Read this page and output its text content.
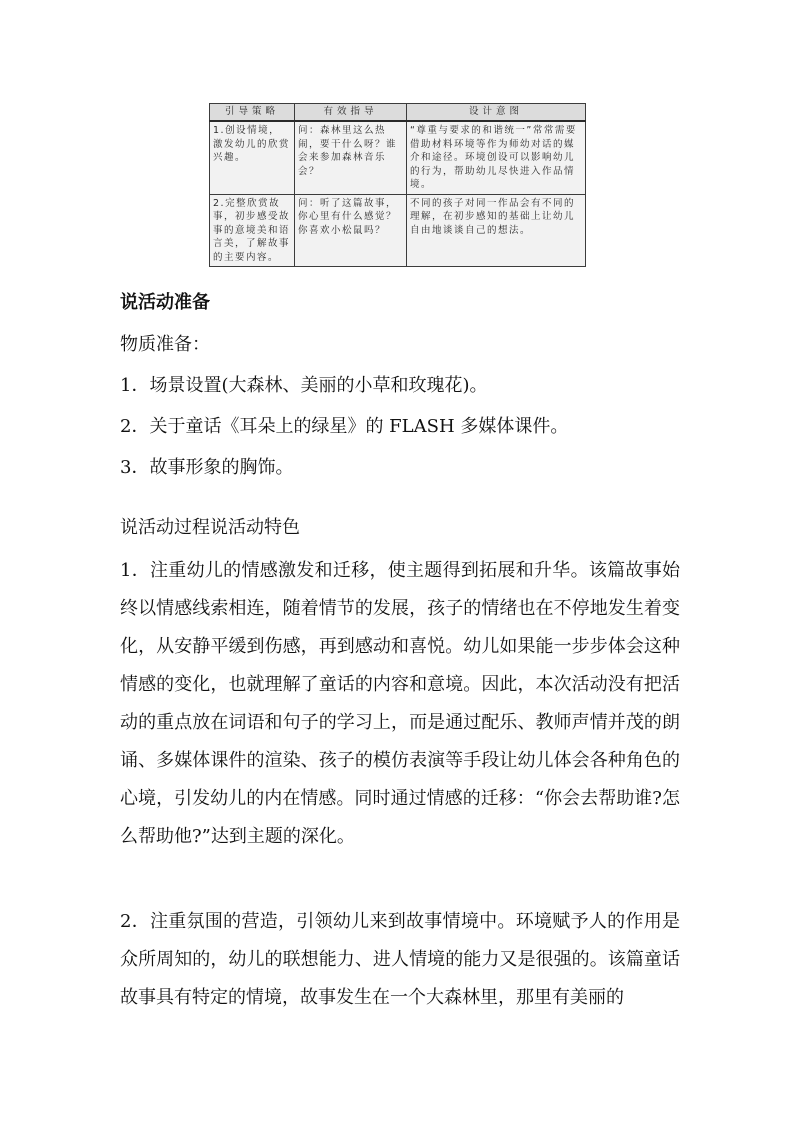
引导策略	有效指导	设计意图
1.创设情境，激发幼儿的欣赏兴趣。	问：森林里这么热闹，要干什么呀？谁会来参加森林音乐会？	“尊重与要求的和谐统一”常常需要借助材料环境等作为师幼对话的媒介和途径。环境创设可以影响幼儿的行为，帮助幼儿尽快进入作品情境。
2.完整欣赏故事，初步感受故事的意境美和语言美，了解故事的主要内容。	问：听了这篇故事，你心里有什么感觉？你喜欢小松鼠吗？	不同的孩子对同一作品会有不同的理解，在初步感知的基础上让幼儿自由地谈谈自己的想法。

说活动准备

物质准备：

1．场景设置(大森林、美丽的小草和玫瑰花)。

2．关于童话《耳朵上的绿星》的 FLASH 多媒体课件。

3．故事形象的胸饰。

说活动过程说活动特色

1．注重幼儿的情感激发和迁移，使主题得到拓展和升华。该篇故事始终以情感线索相连，随着情节的发展，孩子的情绪也在不停地发生着变化，从安静平缓到伤感，再到感动和喜悦。幼儿如果能一步步体会这种情感的变化，也就理解了童话的内容和意境。因此，本次活动没有把活动的重点放在词语和句子的学习上，而是通过配乐、教师声情并茂的朗诵、多媒体课件的渲染、孩子的模仿表演等手段让幼儿体会各种角色的心境，引发幼儿的内在情感。同时通过情感的迁移：“你会去帮助谁?怎么帮助他?”达到主题的深化。

2．注重氛围的营造，引领幼儿来到故事情境中。环境赋予人的作用是众所周知的，幼儿的联想能力、进人情境的能力又是很强的。该篇童话故事具有特定的情境，故事发生在一个大森林里，那里有美丽的
